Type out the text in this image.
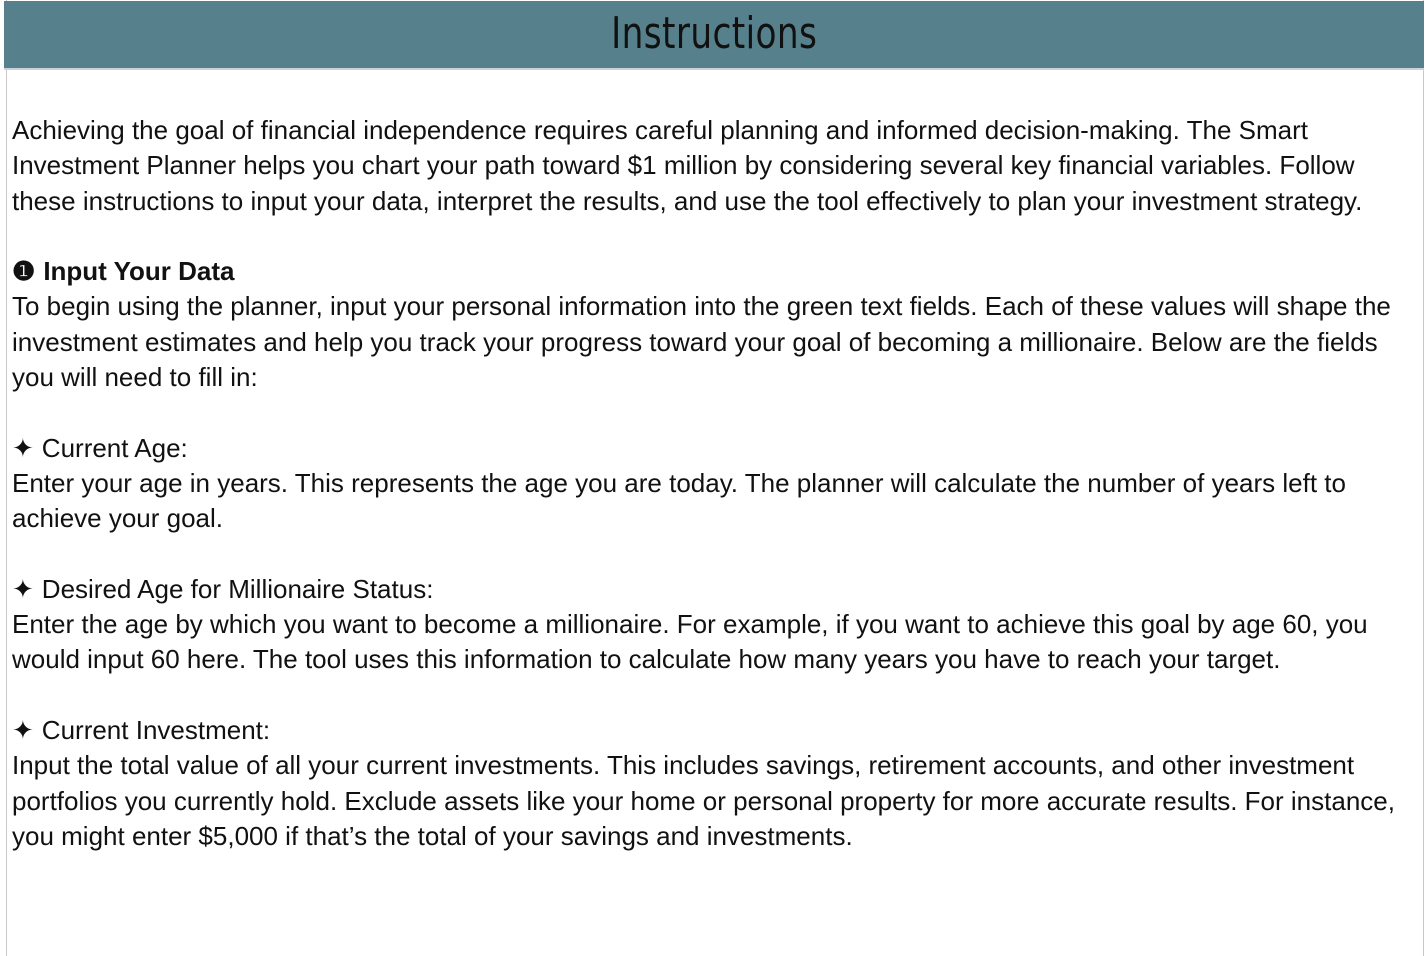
Instructions

Achieving the goal of financial independence requires careful planning and informed decision-making. The Smart Investment Planner helps you chart your path toward $1 million by considering several key financial variables. Follow these instructions to input your data, interpret the results, and use the tool effectively to plan your investment strategy.

❶ Input Your Data

To begin using the planner, input your personal information into the green text fields. Each of these values will shape the investment estimates and help you track your progress toward your goal of becoming a millionaire. Below are the fields you will need to fill in:

✦ Current Age:

Enter your age in years. This represents the age you are today. The planner will calculate the number of years left to achieve your goal.

✦ Desired Age for Millionaire Status:

Enter the age by which you want to become a millionaire. For example, if you want to achieve this goal by age 60, you would input 60 here. The tool uses this information to calculate how many years you have to reach your target.

✦ Current Investment:

Input the total value of all your current investments. This includes savings, retirement accounts, and other investment portfolios you currently hold. Exclude assets like your home or personal property for more accurate results. For instance, you might enter $5,000 if that’s the total of your savings and investments.
